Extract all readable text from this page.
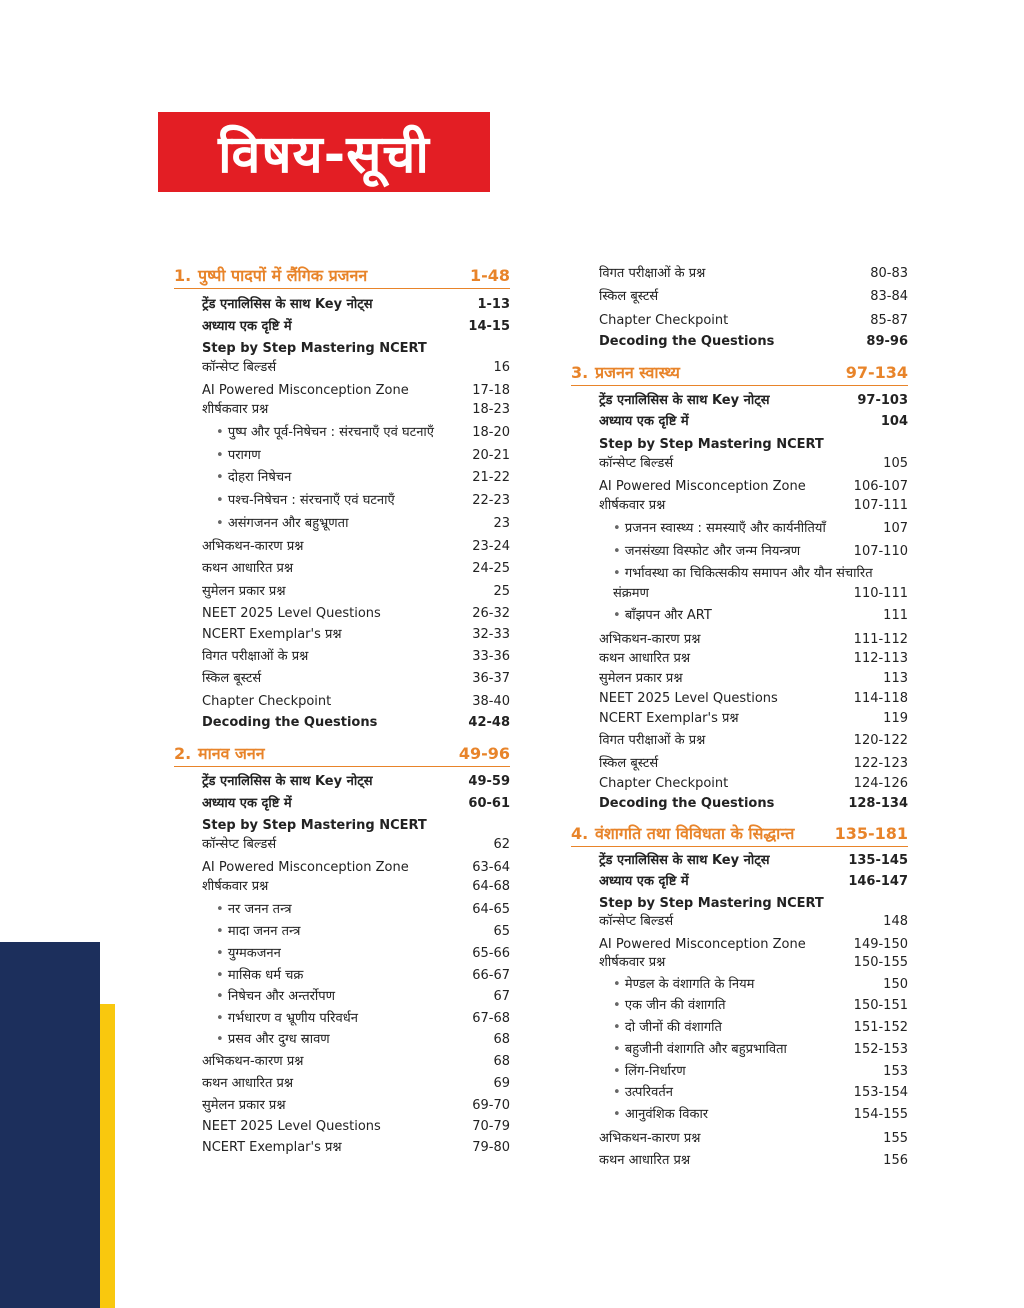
विषय-सूची
1. पुष्पी पादपों में लैंगिक प्रजनन	1-48
ट्रेंड एनालिसिस के साथ Key नोट्स	1-13
अध्याय एक दृष्टि में	14-15
Step by Step Mastering NCERT
कॉन्सेप्ट बिल्डर्स	16
AI Powered Misconception Zone	17-18
शीर्षकवार प्रश्न	18-23
• पुष्प और पूर्व-निषेचन : संरचनाएँ एवं घटनाएँ	18-20
• परागण	20-21
• दोहरा निषेचन	21-22
• पश्च-निषेचन : संरचनाएँ एवं घटनाएँ	22-23
• असंगजनन और बहुभ्रूणता	23
अभिकथन-कारण प्रश्न	23-24
कथन आधारित प्रश्न	24-25
सुमेलन प्रकार प्रश्न	25
NEET 2025 Level Questions	26-32
NCERT Exemplar's प्रश्न	32-33
विगत परीक्षाओं के प्रश्न	33-36
स्किल बूस्टर्स	36-37
Chapter Checkpoint	38-40
Decoding the Questions	42-48
2. मानव जनन	49-96
ट्रेंड एनालिसिस के साथ Key नोट्स	49-59
अध्याय एक दृष्टि में	60-61
Step by Step Mastering NCERT
कॉन्सेप्ट बिल्डर्स	62
AI Powered Misconception Zone	63-64
शीर्षकवार प्रश्न	64-68
• नर जनन तन्त्र	64-65
• मादा जनन तन्त्र	65
• युग्मकजनन	65-66
• मासिक धर्म चक्र	66-67
• निषेचन और अन्तर्रोपण	67
• गर्भधारण व भ्रूणीय परिवर्धन	67-68
• प्रसव और दुग्ध स्रावण	68
अभिकथन-कारण प्रश्न	68
कथन आधारित प्रश्न	69
सुमेलन प्रकार प्रश्न	69-70
NEET 2025 Level Questions	70-79
NCERT Exemplar's प्रश्न	79-80
विगत परीक्षाओं के प्रश्न	80-83
स्किल बूस्टर्स	83-84
Chapter Checkpoint	85-87
Decoding the Questions	89-96
3. प्रजनन स्वास्थ्य	97-134
ट्रेंड एनालिसिस के साथ Key नोट्स	97-103
अध्याय एक दृष्टि में	104
Step by Step Mastering NCERT
कॉन्सेप्ट बिल्डर्स	105
AI Powered Misconception Zone	106-107
शीर्षकवार प्रश्न	107-111
• प्रजनन स्वास्थ्य : समस्याएँ और कार्यनीतियाँ	107
• जनसंख्या विस्फोट और जन्म नियन्त्रण	107-110
• गर्भावस्था का चिकित्सकीय समापन और यौन संचारित
संक्रमण	110-111
• बाँझपन और ART	111
अभिकथन-कारण प्रश्न	111-112
कथन आधारित प्रश्न	112-113
सुमेलन प्रकार प्रश्न	113
NEET 2025 Level Questions	114-118
NCERT Exemplar's प्रश्न	119
विगत परीक्षाओं के प्रश्न	120-122
स्किल बूस्टर्स	122-123
Chapter Checkpoint	124-126
Decoding the Questions	128-134
4. वंशागति तथा विविधता के सिद्धान्त	135-181
ट्रेंड एनालिसिस के साथ Key नोट्स	135-145
अध्याय एक दृष्टि में	146-147
Step by Step Mastering NCERT
कॉन्सेप्ट बिल्डर्स	148
AI Powered Misconception Zone	149-150
शीर्षकवार प्रश्न	150-155
• मेण्डल के वंशागति के नियम	150
• एक जीन की वंशागति	150-151
• दो जीनों की वंशागति	151-152
• बहुजीनी वंशागति और बहुप्रभाविता	152-153
• लिंग-निर्धारण	153
• उत्परिवर्तन	153-154
• आनुवंशिक विकार	154-155
अभिकथन-कारण प्रश्न	155
कथन आधारित प्रश्न	156
